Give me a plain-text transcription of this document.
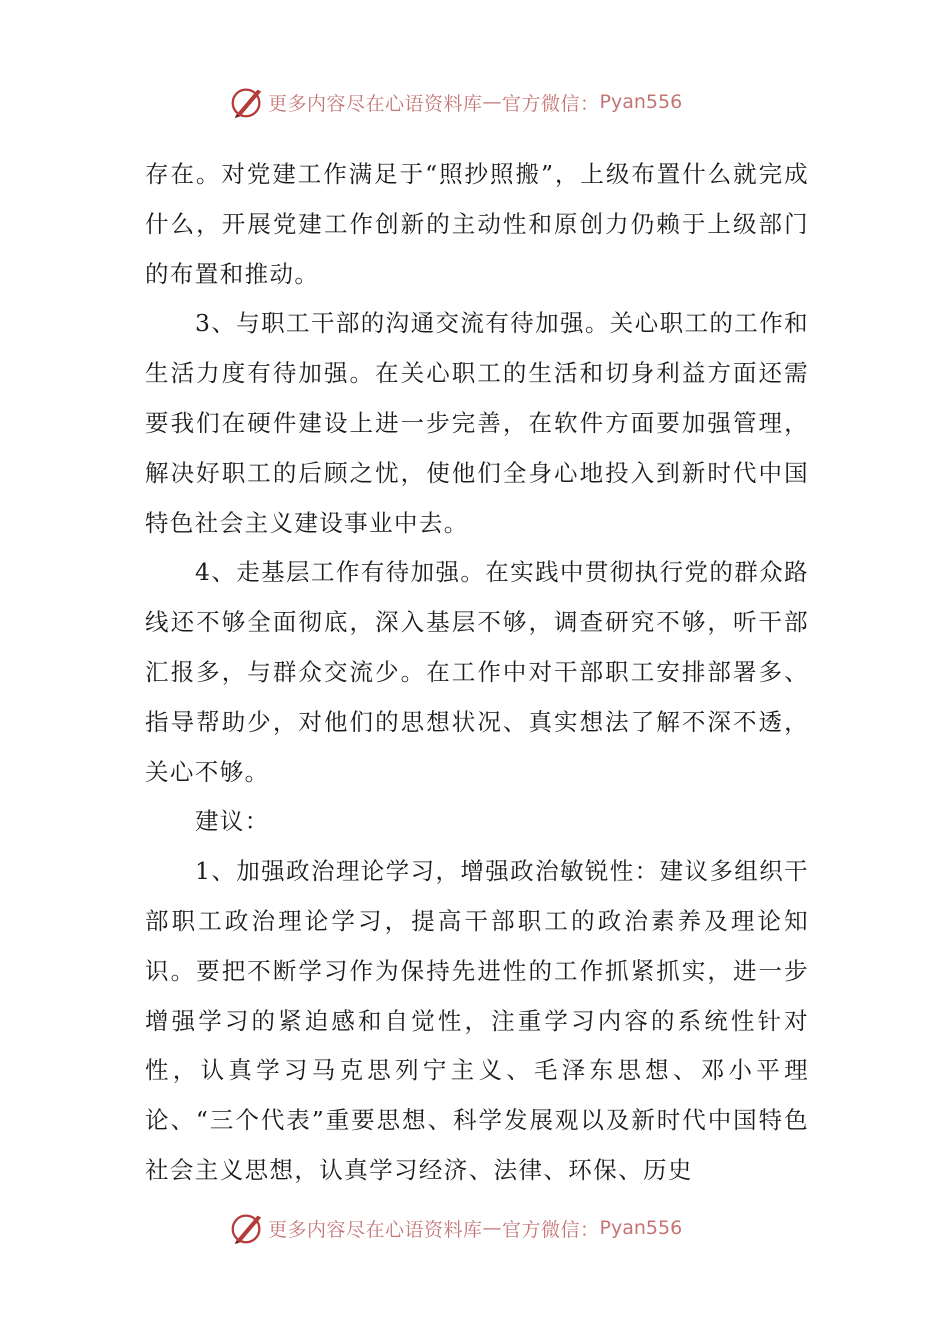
更多内容尽在心语资料库 — 官方微信： Pyan556

存在。对党建工作满足于“照抄照搬”，上级布置什么就完成什么，开展党建工作创新的主动性和原创力仍赖于上级部门的布置和推动。

3、与职工干部的沟通交流有待加强。关心职工的工作和生活力度有待加强。在关心职工的生活和切身利益方面还需要我们在硬件建设上进一步完善，在软件方面要加强管理，解决好职工的后顾之忧，使他们全身心地投入到新时代中国特色社会主义建设事业中去。

4、走基层工作有待加强。在实践中贯彻执行党的群众路线还不够全面彻底，深入基层不够，调查研究不够，听干部汇报多，与群众交流少。在工作中对干部职工安排部署多、指导帮助少，对他们的思想状况、真实想法了解不深不透，关心不够。

建议：

1、加强政治理论学习，增强政治敏锐性：建议多组织干部职工政治理论学习，提高干部职工的政治素养及理论知识。要把不断学习作为保持先进性的工作抓紧抓实，进一步增强学习的紧迫感和自觉性，注重学习内容的系统性针对性，认真学习马克思列宁主义、毛泽东思想、邓小平理论、“三个代表”重要思想、科学发展观以及新时代中国特色社会主义思想，认真学习经济、法律、环保、历史

更多内容尽在心语资料库 — 官方微信： Pyan556
